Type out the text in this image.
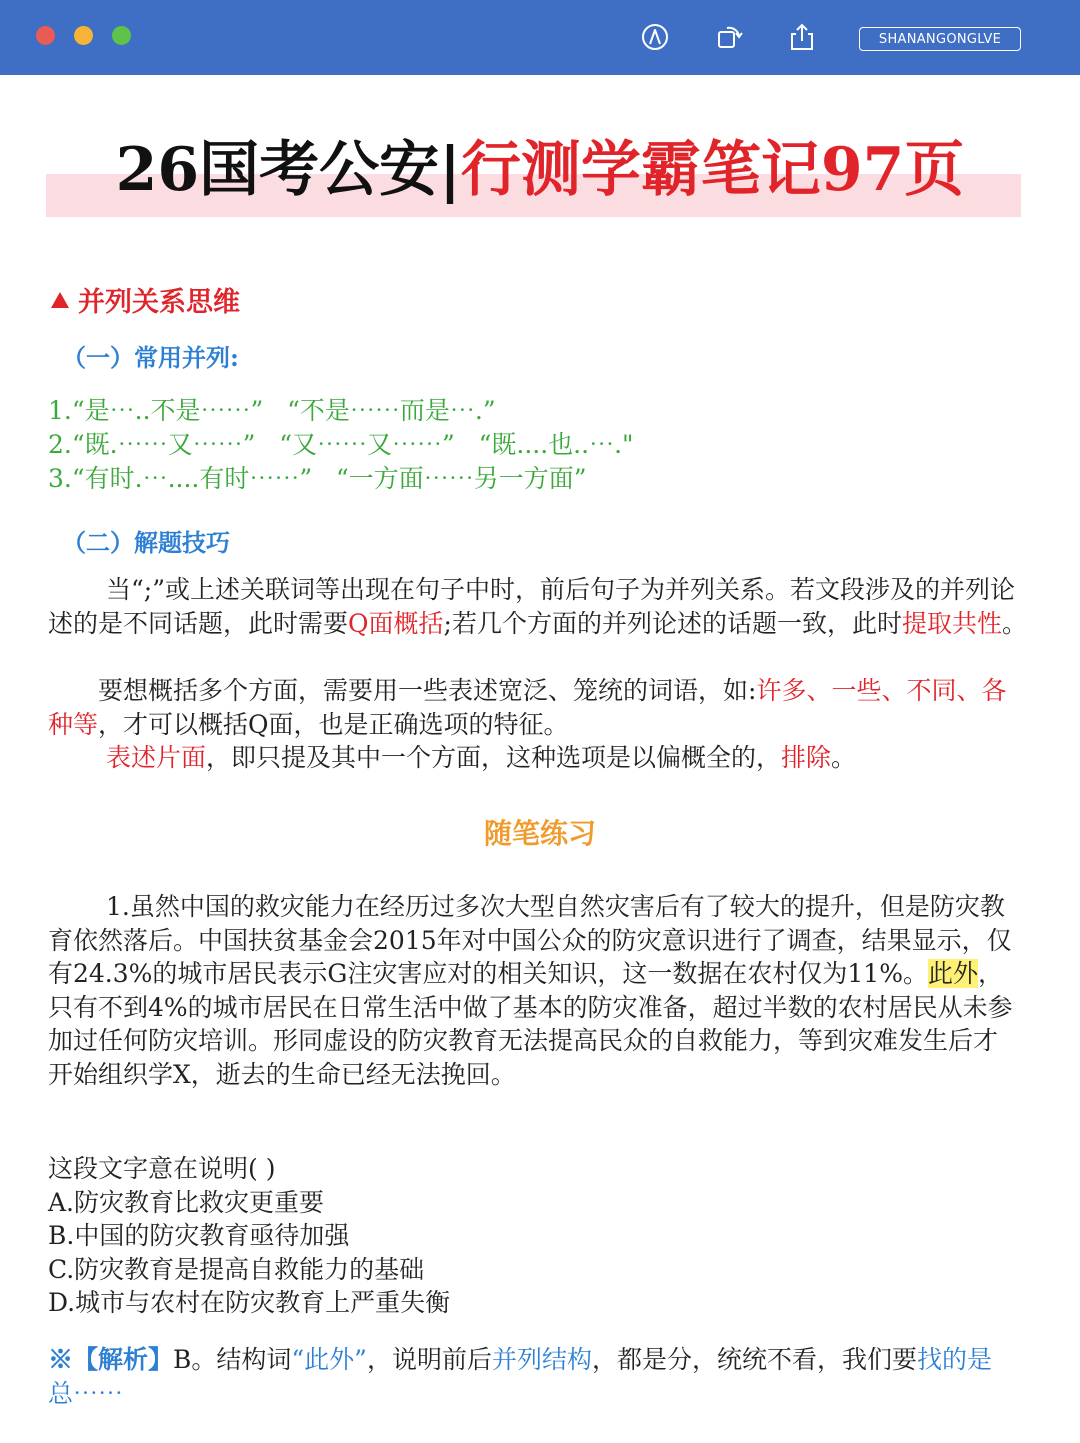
SHANANGONGLVE
26国考公安|行测学霸笔记97页
并列关系思维
（一）常用并列:
1.“是⋯..不是⋯⋯”   “不是⋯⋯而是⋯.”
2.“既.⋯⋯又⋯⋯”   “又⋯⋯又⋯⋯”   “既....也..⋯."
3.“有时.⋯....有时⋯⋯”   “一方面⋯⋯另一方面”
（二）解题技巧
当“;”或上述关联词等出现在句子中时，前后句子为并列关系。若文段涉及的并列论述的是不同话题，此时需要Q面概括;若几个方面的并列论述的话题一致，此时提取共性。
要想概括多个方面，需要用一些表述宽泛、笼统的词语，如:许多、一些、不同、各种等，才可以概括Q面，也是正确选项的特征。
表述片面，即只提及其中一个方面，这种选项是以偏概全的，排除。
随笔练习
1.虽然中国的救灾能力在经历过多次大型自然灾害后有了较大的提升，但是防灾教育依然落后。中国扶贫基金会2015年对中国公众的防灾意识进行了调查，结果显示，仅有24.3%的城市居民表示G注灾害应对的相关知识，这一数据在农村仅为11%。此外，只有不到4%的城市居民在日常生活中做了基本的防灾准备，超过半数的农村居民从未参加过任何防灾培训。形同虚设的防灾教育无法提高民众的自救能力，等到灾难发生后才开始组织学X，逝去的生命已经无法挽回。
这段文字意在说明( )
A.防灾教育比救灾更重要
B.中国的防灾教育亟待加强
C.防灾教育是提高自救能力的基础
D.城市与农村在防灾教育上严重失衡
※【解析】B。结构词“此外”，说明前后并列结构，都是分，统统不看，我们要找的是总⋯⋯
